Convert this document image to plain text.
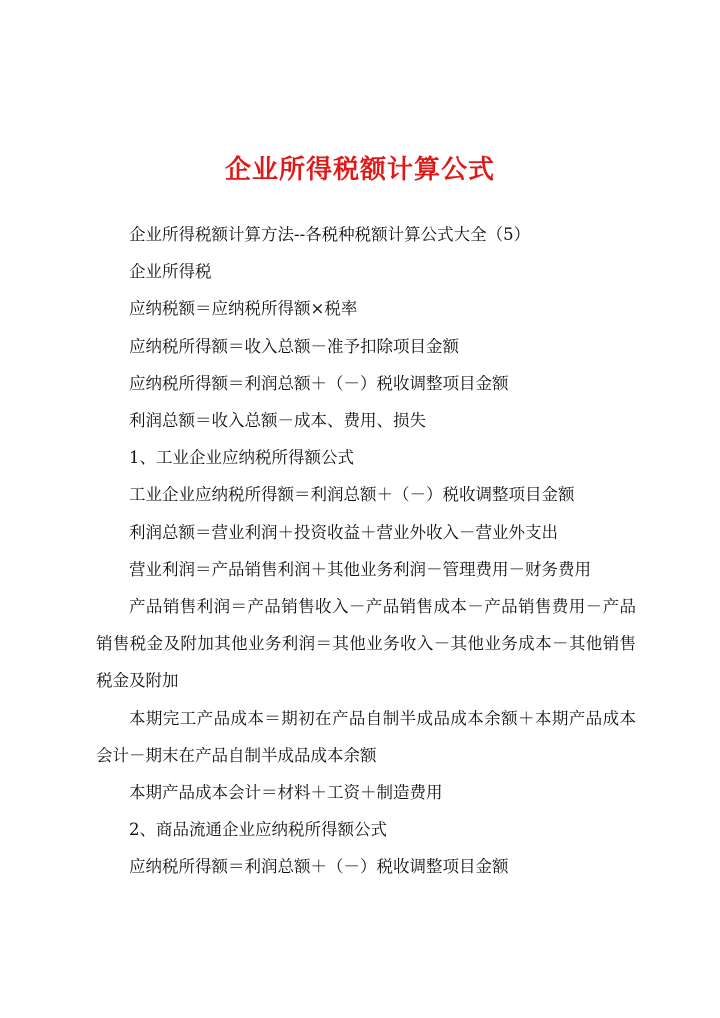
企业所得税额计算公式

企业所得税额计算方法--各税种税额计算公式大全（5）

企业所得税

应纳税额＝应纳税所得额×税率

应纳税所得额＝收入总额－准予扣除项目金额

应纳税所得额＝利润总额＋（－）税收调整项目金额

利润总额＝收入总额－成本、费用、损失

1、工业企业应纳税所得额公式

工业企业应纳税所得额＝利润总额＋（－）税收调整项目金额

利润总额＝营业利润＋投资收益＋营业外收入－营业外支出

营业利润＝产品销售利润＋其他业务利润－管理费用－财务费用

产品销售利润＝产品销售收入－产品销售成本－产品销售费用－产品销售税金及附加其他业务利润＝其他业务收入－其他业务成本－其他销售税金及附加

本期完工产品成本＝期初在产品自制半成品成本余额＋本期产品成本会计－期末在产品自制半成品成本余额

本期产品成本会计＝材料＋工资＋制造费用

2、商品流通企业应纳税所得额公式

应纳税所得额＝利润总额＋（－）税收调整项目金额
